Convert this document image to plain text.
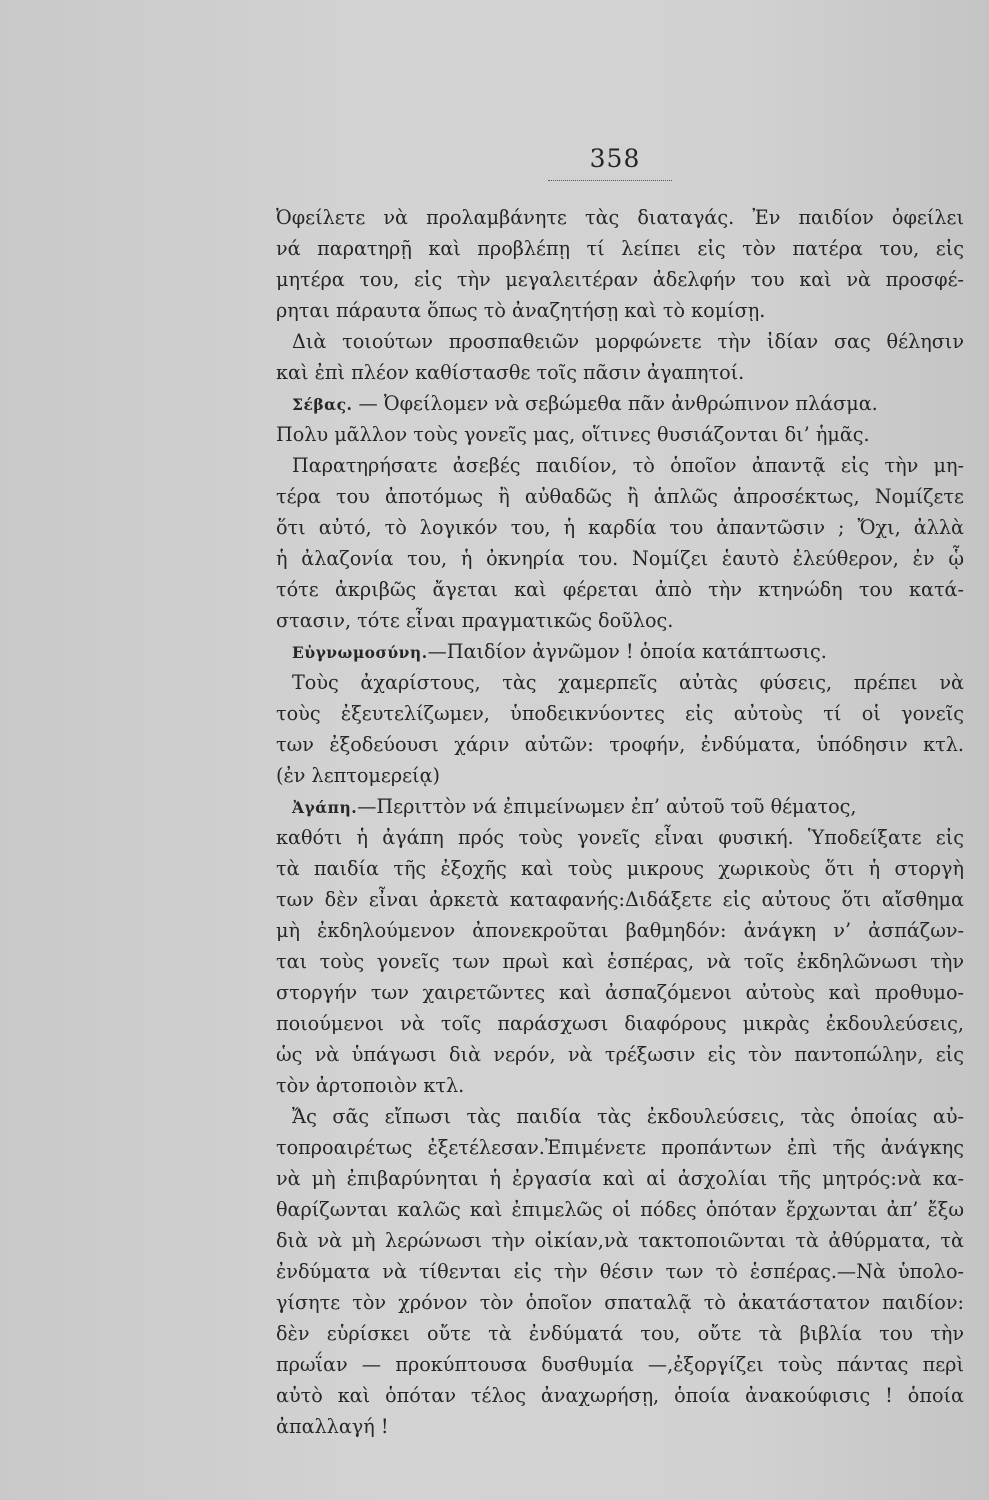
358
Ὀφείλετε νὰ προλαμβάνητε τὰς διαταγάς. Ἐν παιδίον ὀφείλει
νά παρατηρῇ καὶ προβλέπῃ τί λείπει εἰς τὸν πατέρα του, εἰς
μητέρα του, εἰς τὴν μεγαλειτέραν ἀδελφήν του καὶ νὰ προσφέ-
ρηται πάραυτα ὅπως τὸ ἀναζητήσῃ καὶ τὸ κομίσῃ.
Διὰ τοιούτων προσπαθειῶν μορφώνετε τὴν ἰδίαν σας θέλησιν
καὶ ἐπὶ πλέον καθίστασθε τοῖς πᾶσιν ἀγαπητοί.
Σέβας. — Ὀφείλομεν νὰ σεβώμεθα πᾶν ἀνθρώπινον πλάσμα.
Πολυ μᾶλλον τοὺς γονεῖς μας, οἵτινες θυσιάζονται δι’ ἡμᾶς.
Παρατηρήσατε ἀσεβές παιδίον, τὸ ὁποῖον ἀπαντᾷ εἰς τὴν μη-
τέρα του ἀποτόμως ἢ αὐθαδῶς ἢ ἁπλῶς ἀπροσέκτως, Νομίζετε
ὅτι αὐτό, τὸ λογικόν του, ἡ καρδία του ἀπαντῶσιν ; Ὄχι, ἀλλὰ
ἡ ἀλαζονία του, ἡ ὀκνηρία του. Νομίζει ἑαυτὸ ἐλεύθερον, ἐν ᾧ
τότε ἀκριβῶς ἄγεται καὶ φέρεται ἀπὸ τὴν κτηνώδη του κατά-
στασιν, τότε εἶναι πραγματικῶς δοῦλος.
Εὐγνωμοσύνη.—Παιδίον ἀγνῶμον ! ὁποία κατάπτωσις.
Τοὺς ἀχαρίστους, τὰς χαμερπεῖς αὐτὰς φύσεις, πρέπει νὰ
τοὺς ἐξευτελίζωμεν, ὑποδεικνύοντες εἰς αὐτοὺς τί οἱ γονεῖς
των ἐξοδεύουσι χάριν αὐτῶν: τροφήν, ἐνδύματα, ὑπόδησιν κτλ.
(ἐν λεπτομερείᾳ)
Ἀγάπη.—Περιττὸν νά ἐπιμείνωμεν ἐπ’ αὐτοῦ τοῦ θέματος,
καθότι ἡ ἀγάπη πρός τοὺς γονεῖς εἶναι φυσική. Ὑποδείξατε εἰς
τὰ παιδία τῆς ἐξοχῆς καὶ τοὺς μικρους χωρικοὺς ὅτι ἡ στοργὴ
των δὲν εἶναι ἀρκετὰ καταφανής:Διδάξετε εἰς αὐτους ὅτι αἴσθημα
μὴ ἐκδηλούμενον ἀπονεκροῦται βαθμηδόν: ἀνάγκη ν’ ἀσπάζων-
ται τοὺς γονεῖς των πρωὶ καὶ ἑσπέρας, νὰ τοῖς ἐκδηλῶνωσι τὴν
στοργήν των χαιρετῶντες καὶ ἀσπαζόμενοι αὐτοὺς καὶ προθυμο-
ποιούμενοι νὰ τοῖς παράσχωσι διαφόρους μικρὰς ἐκδουλεύσεις,
ὡς νὰ ὑπάγωσι διὰ νερόν, νὰ τρέξωσιν εἰς τὸν παντοπώλην, εἰς
τὸν ἀρτοποιὸν κτλ.
Ἄς σᾶς εἴπωσι τὰς παιδία τὰς ἐκδουλεύσεις, τὰς ὁποίας αὐ-
τοπροαιρέτως ἐξετέλεσαν.Ἐπιμένετε προπάντων ἐπὶ τῆς ἀνάγκης
νὰ μὴ ἐπιβαρύνηται ἡ ἐργασία καὶ αἱ ἀσχολίαι τῆς μητρός:νὰ κα-
θαρίζωνται καλῶς καὶ ἐπιμελῶς οἱ πόδες ὁπόταν ἔρχωνται ἀπ’ ἔξω
διὰ νὰ μὴ λερώνωσι τὴν οἰκίαν,νὰ τακτοποιῶνται τὰ ἀθύρματα, τὰ
ἐνδύματα νὰ τίθενται εἰς τὴν θέσιν των τὸ ἑσπέρας.—Νὰ ὑπολο-
γίσητε τὸν χρόνον τὸν ὁποῖον σπαταλᾷ τὸ ἀκατάστατον παιδίον:
δὲν εὑρίσκει οὔτε τὰ ἐνδύματά του, οὔτε τὰ βιβλία του τὴν
πρωΐαν — προκύπτουσα δυσθυμία —,ἐξοργίζει τοὺς πάντας περὶ
αὐτὸ καὶ ὁπόταν τέλος ἀναχωρήσῃ, ὁποία ἀνακούφισις ! ὁποία
ἀπαλλαγή !
